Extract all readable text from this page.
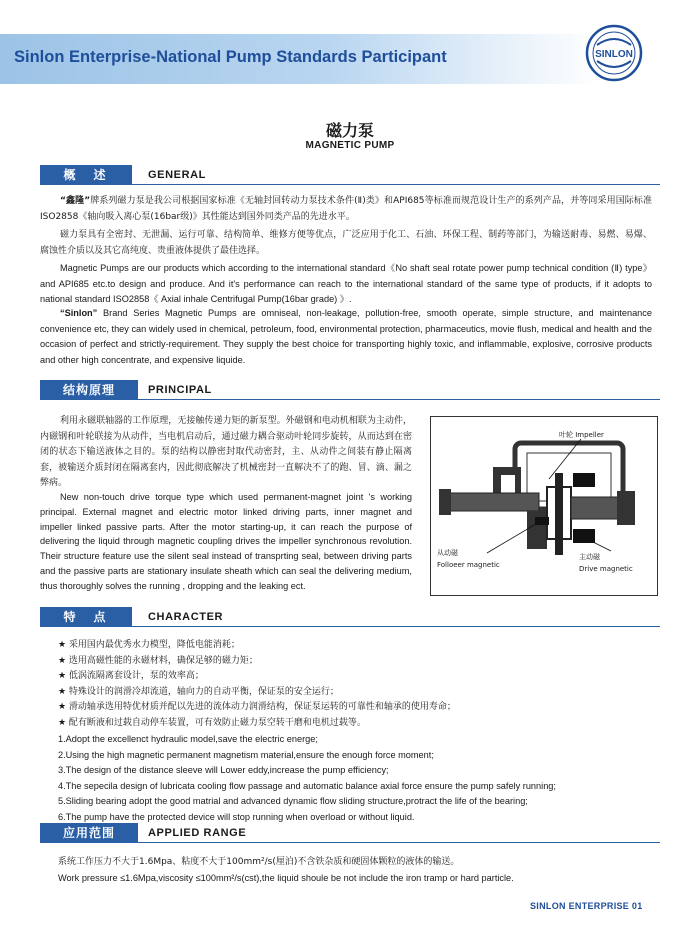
Sinlon Enterprise-National Pump Standards Participant	SINLON
磁力泵
MAGNETIC PUMP
概　述	GENERAL
“鑫隆”牌系列磁力泵是我公司根据国家标准《无轴封回转动力泵技术条件(Ⅱ)类》和API685等标准而规范设计生产的系列产品，并等同采用国际标准ISO2858《轴向吸入离心泵(16bar级)》其性能达到国外同类产品的先进水平。
磁力泵具有全密封、无泄漏、运行可靠、结构简单、维修方便等优点，广泛应用于化工、石油、环保工程、制药等部门，为输送耐毒、易燃、易爆、腐蚀性介质以及其它高纯度、贵重液体提供了最佳选择。
Magnetic Pumps are our products which according to the international standard《No shaft seal rotate power pump technical condition (Ⅱ) type》and API685 etc.to design and produce. And it's performance can reach to the international standard of the same type of products, if it adopts to national standard ISO2858《 Axial inhale Centrifugal Pump(16bar grade) 》.
“Sinlon” Brand Series Magnetic Pumps are omniseal, non-leakage, pollution-free, smooth operate, simple structure, and maintenance convenience etc, they can widely used in chemical, petroleum, food, environmental protection, pharmaceutics, movie flush, medical and health and the occasion of perfect and strictly-requirement. They supply the best choice for transporting highly toxic, and inflammable, explosive, corrosive products and other high concentrate, and expensive liquide.
结构原理	PRINCIPAL
利用永磁联轴器的工作原理，无接触传递力矩的新泵型。外磁钢和电动机相联为主动件，内磁钢和叶轮联接为从动件，当电机启动后，通过磁力耦合驱动叶轮同步旋转，从而达到在密闭的状态下输送液体之目的。泵的结构以静密封取代动密封，主、从动件之间装有静止隔离套，被输送介质封闭在隔离套内，因此彻底解决了机械密封一直解决不了的跑、冒、滴、漏之弊病。
New non-touch drive torque type which used permanent-magnet joint 's working principal. External magnet and electric motor linked driving parts, inner magnet and impeller linked passive parts. After the motor starting-up, it can reach the purpose of delivering the liquid through magnetic coupling drives the impeller synchronous revolution. Their structure feature use the silent seal instead of transprting seal, between driving parts and the passive parts are stationary insulate sheath which can seal the delivering medium, thus thoroughly solves the running , dropping and the leaking ect.
叶轮 Impeller
从动磁
Folloeer magnetic
主动磁
Drive magnetic
特　点	CHARACTER
★ 采用国内最优秀水力模型，降低电能消耗；
★ 选用高磁性能的永磁材料，确保足够的磁力矩；
★ 低涡流隔离套设计，泵的效率高；
★ 特殊设计的润滑冷却流道，轴向力的自动平衡，保证泵的安全运行；
★ 滑动轴承选用特优材质并配以先进的流体动力润滑结构，保证泵运转的可靠性和轴承的使用寿命；
★ 配有断液和过载自动停车装置，可有效防止磁力泵空转干磨和电机过载等。
1.Adopt the excellenct hydraulic model,save the electric energe;
2.Using the high magnetic permanent magnetism material,ensure the enough force moment;
3.The design of the distance sleeve will Lower eddy,increase the pump efficiency;
4.The sepecila design of lubricata cooling flow passage and automatic balance axial force ensure the pump safely running;
5.Sliding bearing adopt the good matrial and advanced dynamic flow sliding structure,protract the life of the bearing;
6.The pump have the protected device will stop running when overload or without liquid.
应用范围	APPLIED RANGE
系统工作压力不大于1.6Mpa、粘度不大于100mm²/s(厘泊)不含铁杂质和硬固体颗粒的液体的输送。
Work pressure ≤1.6Mpa,viscosity ≤100mm²/s(cst),the liquid shoule be not include the iron tramp or hard particle.
SINLON ENTERPRISE 01
